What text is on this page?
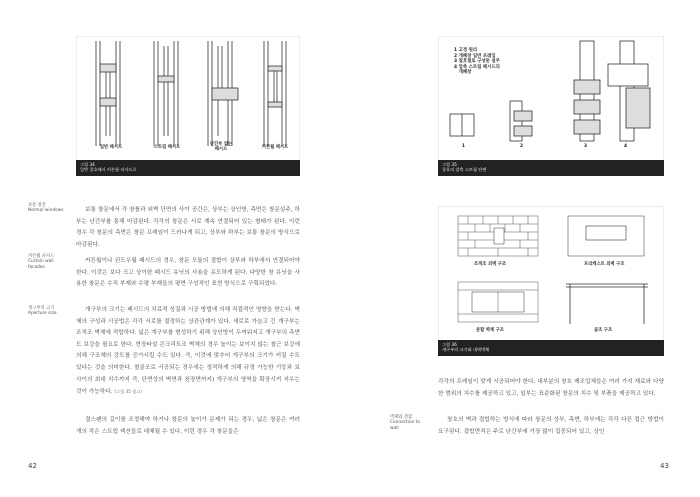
일반 패시드	스트립 패시드
난간부 없는
패시드	커튼월 패시드
그림 34
일반 창호에서 커튼월 파사드로
보통 창문
Normal windows
커튼월 파사드
Curtain wall
facades
개구부의 크기
Aperture size

보통 창문에서 각 창틀과 외벽 단면의 사이 공간은, 상부는 상인방, 측면은 창문설주, 하부는 난간부를 통해 마감된다. 각각의 창문은 서로 계속 연결되어 있는 형태가 된다. 이런 경우 각 창문의 측면은 창문 프레임이 드러나게 되고, 상부와 하부는 보통 창문의 방식으로 마감된다.

커튼월이나 윈도우월 패시드의 경우, 창문 모듈의 결합이 상부와 하부에서 연결되어야 한다. 이것은 보다 크고 상이한 패시드 유닛의 사용을 유도하게 된다. 다양한 창 유닛을 사용한 창문은 수직 부재와 수평 부재들의 평면 구성적인 표현 방식으로 구획되었다.

개구부의 크기는 패시드의 치료적 성질과 시공 방법에 의해 직접적인 영향을 받는다. 벽체의 구성과 시공법은 각각 서로를 결정하는 상관관계가 있다. 새로로 가늘고 긴 개구부는 조적조 벽체에 적합하다. 넓은 개구부를 형성하기 위해 상인방이 두꺼워지고 개구부의 측면도 보강을 필요로 한다. 현장타설 콘크리트조 벽체의 경우 높이는 보이지 않는 철근 보강에 의해 구조체의 강도를 증가시킬 수도 있다. 즉, 이것에 맞추어 개구부의 크기가 커질 수도 있다는 것을 의미한다. 철골조로 시공되는 경우에는 정적하게 의해 규정 가능한 기둥과 보 사이의 최대 치수까지 즉, 단면상의 벽면과 천장면까지) 개구부의 영역을 확장시켜 지우는 것이 가능하다. (그림 35 참고)

결스팬의 길이를 조정해야 하거나 창문의 높이가 문제가 되는 경우, 넓은 창문은 여러 개의 작은 스트립 섹션들로 대체될 수 있다. 이런 경우 각 창문들은

42
1 고정 원리
2 개폐창 일반 프레임
3 칠호철로 구성된 설주
4 압축 스트립 패시드의
개폐창
1	2	3	4
그림 35
창호의 압축 스트립 단면
조적조 외벽 구조	프리캐스트 외벽 구조
분할 벽체 구조	골조 구조
그림 36
개구부의 크기와 내벽벽체
벽체와 결합
Connection to
wall

각각의 프레임이 맞게 시공되어야 한다. 대부분의 창호 제조업체들은 여러 가지 재료와 다양한 범위의 치수를 제공하고 있고, 일부는 표준화된 창문의 치수 및 부품을 제공하고 있다.

창호의 벽과 접합하는 방식에 따라 창문의 상부, 측면, 하부에는 각각 다른 접근 방법이 요구된다. 접합면적은 주로 난간부에 가장 많이 집중되어 있고, 상인

43
